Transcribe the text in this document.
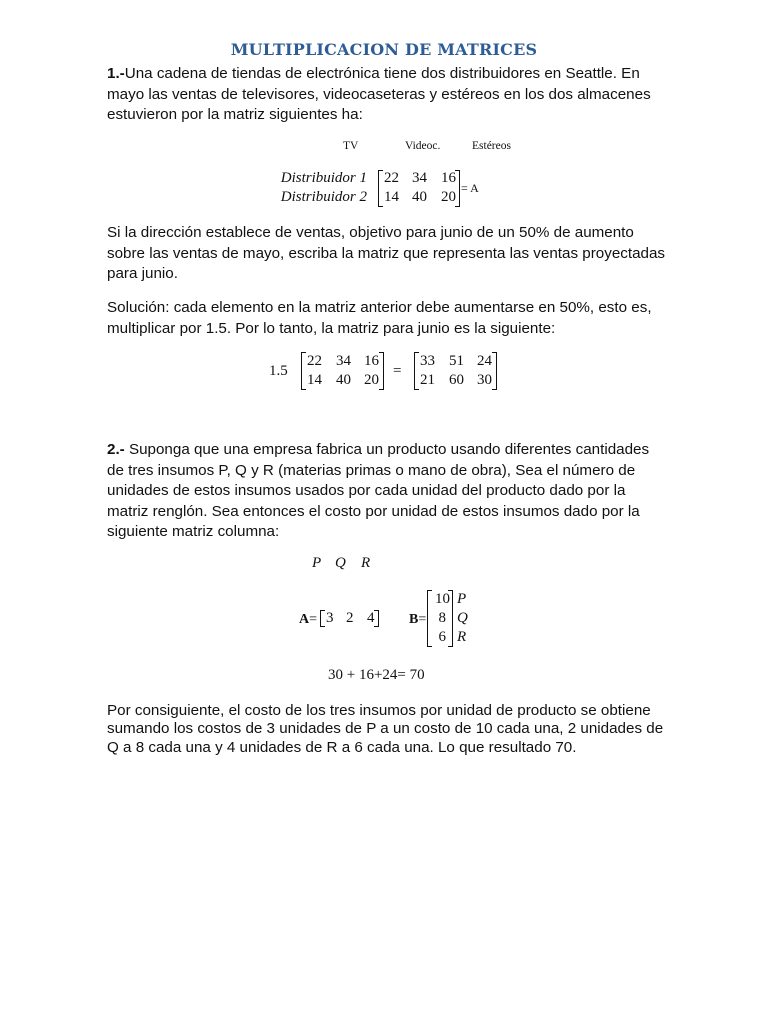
MULTIPLICACION DE MATRICES
1.-Una cadena de tiendas de electrónica tiene dos distribuidores en Seattle. En mayo las ventas de televisores, videocaseteras y estéreos en los dos almacenes estuvieron por la matriz siguientes ha:
TV	Videoc.	Estéreos
Distribuidor 1
Distribuidor 2
22 34 16
14 40 20
= A
Si la dirección establece de ventas, objetivo para junio de un 50% de aumento sobre las ventas de mayo, escriba la matriz que representa las ventas proyectadas para junio.
Solución: cada elemento en la matriz anterior debe aumentarse en 50%, esto es, multiplicar por 1.5. Por lo tanto, la matriz para junio es la siguiente:
1.5
22 34 16
14 40 20
=
33 51 24
21 60 30
2.- Suponga que una empresa fabrica un producto usando diferentes cantidades de tres insumos P, Q y R (materias primas o mano de obra), Sea el número de unidades de estos insumos usados por cada unidad del producto dado por la matriz renglón. Sea entonces el costo por unidad de estos insumos dado por la siguiente matriz columna:
P Q R
A= 3 2 4 B=
10
8
6
P
Q
R
30 + 16+24= 70
Por consiguiente, el costo de los tres insumos por unidad de producto se obtiene sumando los costos de 3 unidades de P a un costo de 10 cada una, 2 unidades de Q a 8 cada una y 4 unidades de R a 6 cada una. Lo que resultado 70.
